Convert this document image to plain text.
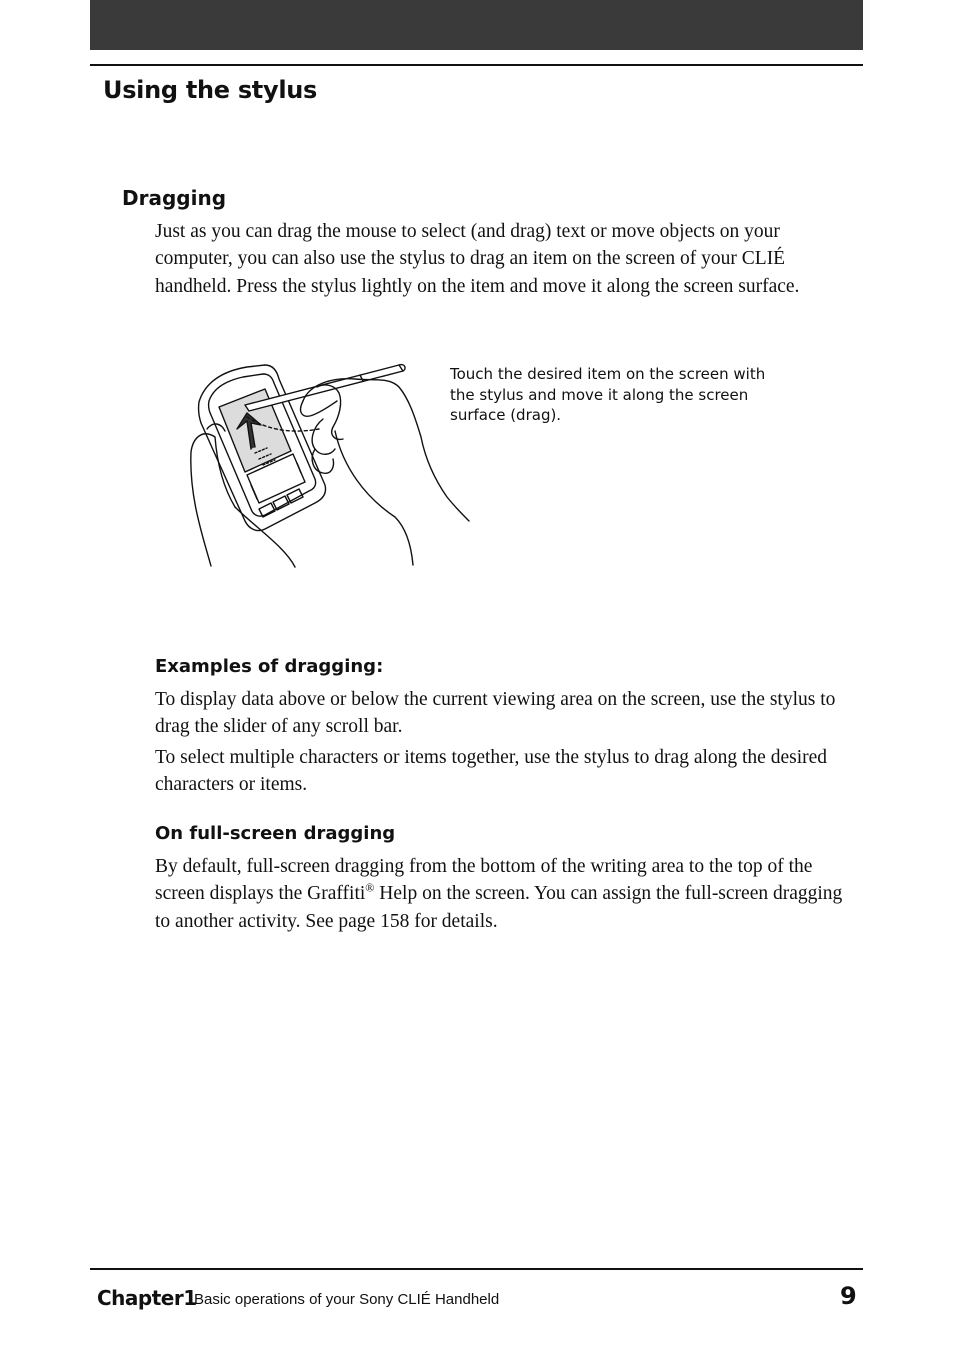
Using the stylus
Dragging

Just as you can drag the mouse to select (and drag) text or move objects on your computer, you can also use the stylus to drag an item on the screen of your CLIÉ handheld. Press the stylus lightly on the item and move it along the screen surface.

Touch the desired item on the screen with the stylus and move it along the screen surface (drag).

Examples of dragging:

To display data above or below the current viewing area on the screen, use the stylus to drag the slider of any scroll bar.

To select multiple characters or items together, use the stylus to drag along the desired characters or items.

On full-screen dragging

By default, full-screen dragging from the bottom of the writing area to the top of the screen displays the Graffiti® Help on the screen. You can assign the full-screen dragging to another activity. See page 158 for details.

Chapter1
Basic operations of your Sony CLIÉ Handheld	9
